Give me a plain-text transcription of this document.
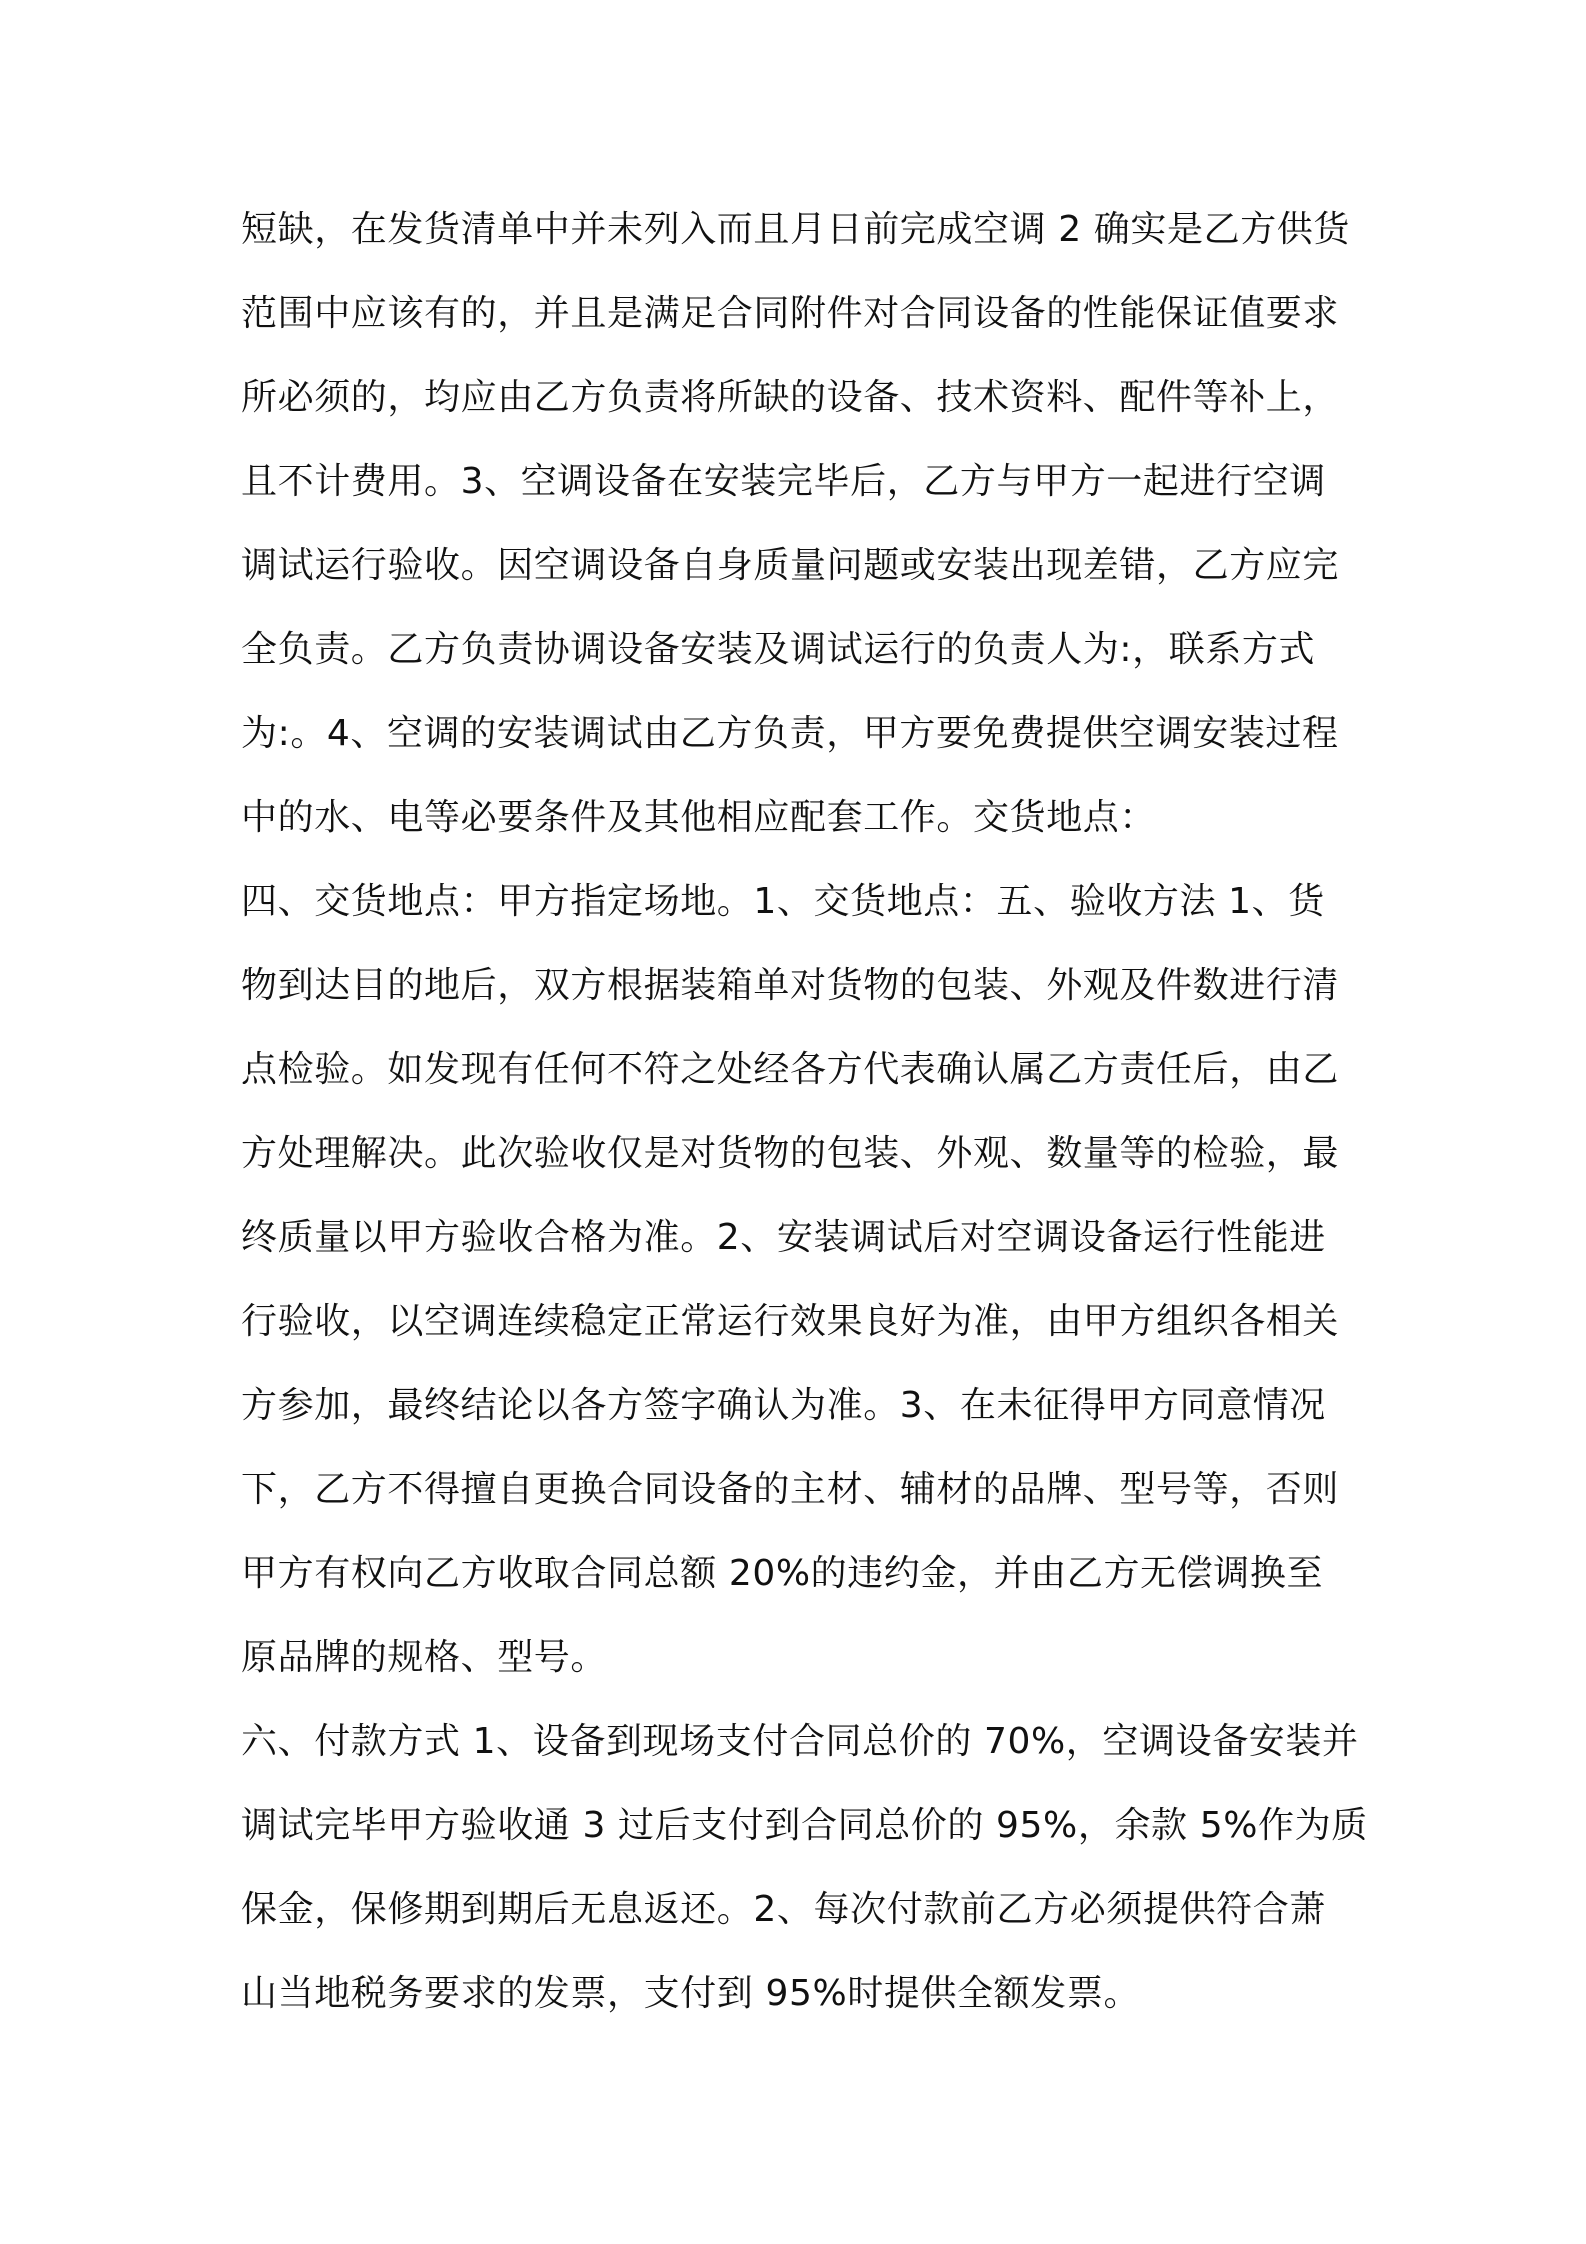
短缺，在发货清单中并未列入而且月日前完成空调 2 确实是乙方供货
范围中应该有的，并且是满足合同附件对合同设备的性能保证值要求
所必须的，均应由乙方负责将所缺的设备、技术资料、配件等补上，
且不计费用。3、空调设备在安装完毕后，乙方与甲方一起进行空调
调试运行验收。因空调设备自身质量问题或安装出现差错，乙方应完
全负责。乙方负责协调设备安装及调试运行的负责人为:，联系方式
为:。4、空调的安装调试由乙方负责，甲方要免费提供空调安装过程
中的水、电等必要条件及其他相应配套工作。交货地点：
四、交货地点：甲方指定场地。1、交货地点：五、验收方法 1、货
物到达目的地后，双方根据装箱单对货物的包装、外观及件数进行清
点检验。如发现有任何不符之处经各方代表确认属乙方责任后，由乙
方处理解决。此次验收仅是对货物的包装、外观、数量等的检验，最
终质量以甲方验收合格为准。2、安装调试后对空调设备运行性能进
行验收，以空调连续稳定正常运行效果良好为准，由甲方组织各相关
方参加，最终结论以各方签字确认为准。3、在未征得甲方同意情况
下，乙方不得擅自更换合同设备的主材、辅材的品牌、型号等，否则
甲方有权向乙方收取合同总额 20%的违约金，并由乙方无偿调换至
原品牌的规格、型号。
六、付款方式 1、设备到现场支付合同总价的 70%，空调设备安装并
调试完毕甲方验收通 3 过后支付到合同总价的 95%，余款 5%作为质
保金，保修期到期后无息返还。2、每次付款前乙方必须提供符合萧
山当地税务要求的发票，支付到 95%时提供全额发票。
